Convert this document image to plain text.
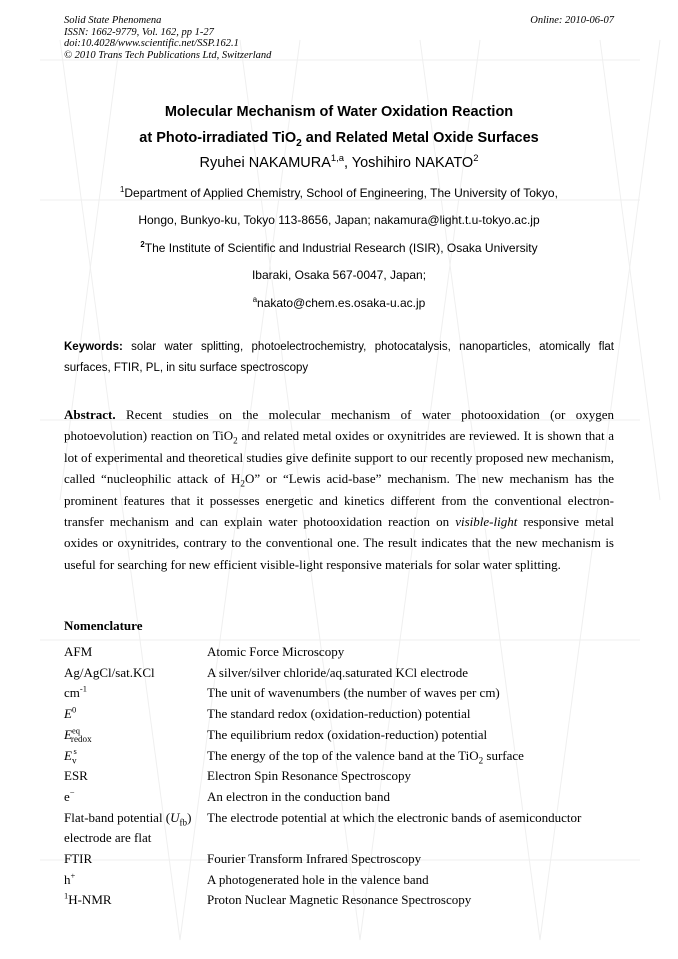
Solid State Phenomena
ISSN: 1662-9779, Vol. 162, pp 1-27
doi:10.4028/www.scientific.net/SSP.162.1
© 2010 Trans Tech Publications Ltd, Switzerland
Online: 2010-06-07
Molecular Mechanism of Water Oxidation Reaction
at Photo-irradiated TiO$_2$ and Related Metal Oxide Surfaces
Ryuhei NAKAMURA$^{1,a}$, Yoshihiro NAKATO$^2$
$^1$Department of Applied Chemistry, School of Engineering, The University of Tokyo,
Hongo, Bunkyo-ku, Tokyo 113-8656, Japan; nakamura@light.t.u-tokyo.ac.jp
$^2$The Institute of Scientific and Industrial Research (ISIR), Osaka University
Ibaraki, Osaka 567-0047, Japan;
$^a$nakato@chem.es.osaka-u.ac.jp
Keywords: solar water splitting, photoelectrochemistry, photocatalysis, nanoparticles, atomically flat surfaces, FTIR, PL, in situ surface spectroscopy
Abstract. Recent studies on the molecular mechanism of water photooxidation (or oxygen photoevolution) reaction on TiO$_2$ and related metal oxides or oxynitrides are reviewed. It is shown that a lot of experimental and theoretical studies give definite support to our recently proposed new mechanism, called “nucleophilic attack of $H_2O$” or “Lewis acid-base” mechanism. The new mechanism has the prominent features that it possesses energetic and kinetics different from the conventional electron-transfer mechanism and can explain water photooxidation reaction on visible-light responsive metal oxides or oxynitrides, contrary to the conventional one. The result indicates that the new mechanism is useful for searching for new efficient visible-light responsive materials for solar water splitting.
Nomenclature
AFM	Atomic Force Microscopy
Ag/AgCl/sat.KCl	A silver/silver chloride/aq.saturated KCl electrode
$cm^{-1}$	The unit of wavenumbers (the number of waves per cm)
$E^0$	The standard redox (oxidation-reduction) potential
$E^{eq}_{redox}$	The equilibrium redox (oxidation-reduction) potential
$E_v^s$	The energy of the top of the valence band at the TiO$_2$ surface
ESR	Electron Spin Resonance Spectroscopy
e−	An electron in the conduction band
Flat-band potential $(U_{fb})$	The electrode potential at which the electronic bands of asemiconductor
electrode are flat
FTIR	Fourier Transform Infrared Spectroscopy
h+	A photogenerated hole in the valence band
$^1$H-NMR	Proton Nuclear Magnetic Resonance Spectroscopy
